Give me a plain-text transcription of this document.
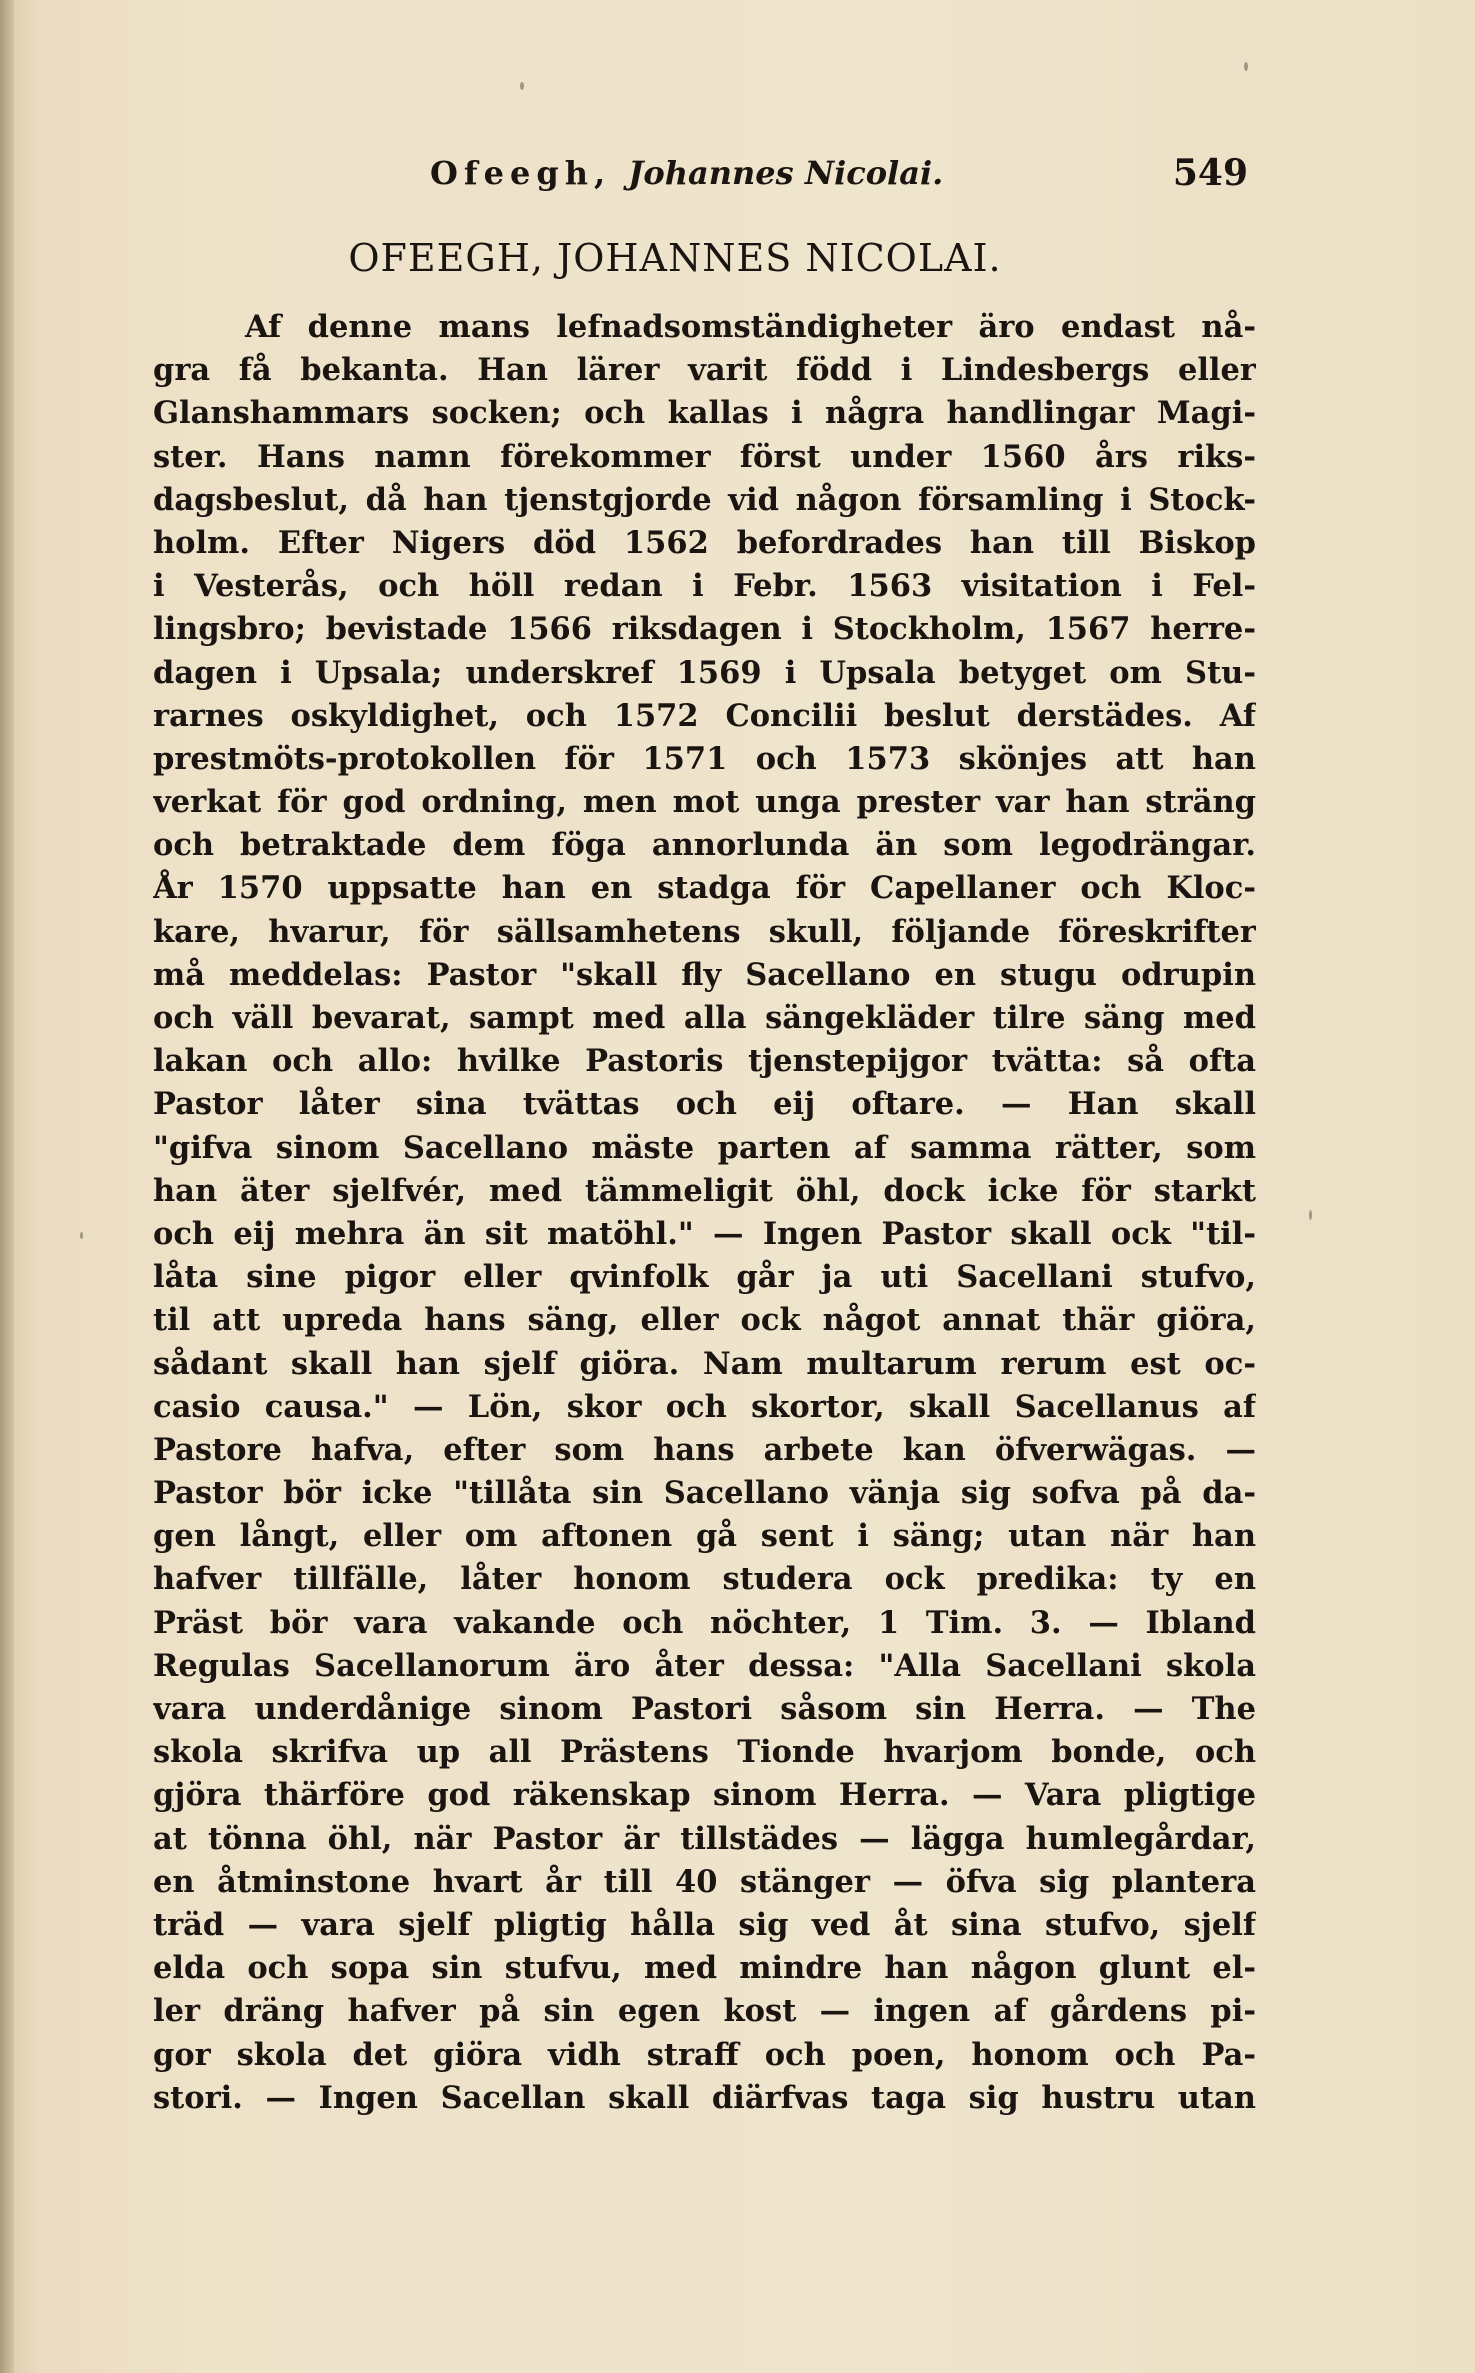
Ofeegh, Johannes Nicolai.	549
OFEEGH, JOHANNES NICOLAI.
Af denne mans lefnadsomständigheter äro endast nå-
gra få bekanta. Han lärer varit född i Lindesbergs eller
Glanshammars socken; och kallas i några handlingar Magi-
ster. Hans namn förekommer först under 1560 års riks-
dagsbeslut, då han tjenstgjorde vid någon församling i Stock-
holm. Efter Nigers död 1562 befordrades han till Biskop
i Vesterås, och höll redan i Febr. 1563 visitation i Fel-
lingsbro; bevistade 1566 riksdagen i Stockholm, 1567 herre-
dagen i Upsala; underskref 1569 i Upsala betyget om Stu-
rarnes oskyldighet, och 1572 Concilii beslut derstädes. Af
prestmöts-protokollen för 1571 och 1573 skönjes att han
verkat för god ordning, men mot unga prester var han sträng
och betraktade dem föga annorlunda än som legodrängar.
År 1570 uppsatte han en stadga för Capellaner och Kloc-
kare, hvarur, för sällsamhetens skull, följande föreskrifter
må meddelas: Pastor "skall fly Sacellano en stugu odrupin
och väll bevarat, sampt med alla sängekläder tilre säng med
lakan och allo: hvilke Pastoris tjenstepijgor tvätta: så ofta
Pastor låter sina tvättas och eij oftare. — Han skall
"gifva sinom Sacellano mäste parten af samma rätter, som
han äter sjelfvér, med tämmeligit öhl, dock icke för starkt
och eij mehra än sit matöhl." — Ingen Pastor skall ock "til-
låta sine pigor eller qvinfolk går ja uti Sacellani stufvo,
til att upreda hans säng, eller ock något annat thär giöra,
sådant skall han sjelf giöra. Nam multarum rerum est oc-
casio causa." — Lön, skor och skortor, skall Sacellanus af
Pastore hafva, efter som hans arbete kan öfverwägas. —
Pastor bör icke "tillåta sin Sacellano vänja sig sofva på da-
gen långt, eller om aftonen gå sent i säng; utan när han
hafver tillfälle, låter honom studera ock predika: ty en
Präst bör vara vakande och nöchter, 1 Tim. 3. — Ibland
Regulas Sacellanorum äro åter dessa: "Alla Sacellani skola
vara underdånige sinom Pastori såsom sin Herra. — The
skola skrifva up all Prästens Tionde hvarjom bonde, och
gjöra thärföre god räkenskap sinom Herra. — Vara pligtige
at tönna öhl, när Pastor är tillstädes — lägga humlegårdar,
en åtminstone hvart år till 40 stänger — öfva sig plantera
träd — vara sjelf pligtig hålla sig ved åt sina stufvo, sjelf
elda och sopa sin stufvu, med mindre han någon glunt el-
ler dräng hafver på sin egen kost — ingen af gårdens pi-
gor skola det giöra vidh straff och poen, honom och Pa-
stori. — Ingen Sacellan skall diärfvas taga sig hustru utan
